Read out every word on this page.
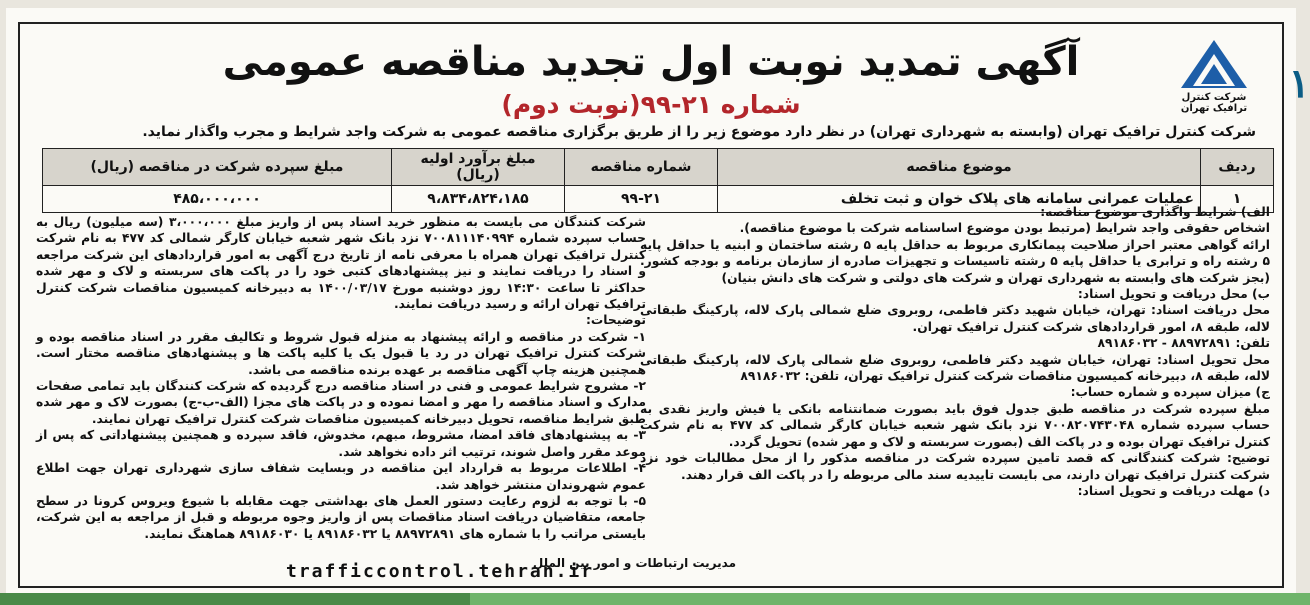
شرکت کنترل ترافیک تهران
آگهی تمدید نوبت اول تجدید مناقصه عمومی
شماره ۲۱-۹۹(نوبت دوم)
شرکت کنترل ترافیک تهران (وابسته به شهرداری تهران) در نظر دارد موضوع زیر را از طریق برگزاری مناقصه عمومی به شرکت واجد شرایط و مجرب واگذار نماید.
ردیف	موضوع مناقصه	شماره مناقصه	مبلغ برآورد اولیه (ریال)	مبلغ سپرده شرکت در مناقصه (ریال)
۱	عملیات عمرانی سامانه های پلاک خوان و ثبت تخلف	۹۹-۲۱	۹،۸۳۴،۸۲۴،۱۸۵	۴۸۵،۰۰۰،۰۰۰

الف) شرایط واگذاری موضوع مناقصه:

اشخاص حقوقی واجد شرایط (مرتبط بودن موضوع اساسنامه شرکت با موضوع مناقصه).

ارائه گواهی معتبر احراز صلاحیت پیمانکاری مربوط به حداقل پایه ۵ رشته ساختمان و ابنیه یا حداقل پایه ۵ رشته راه و ترابری یا حداقل پایه ۵ رشته تاسیسات و تجهیزات صادره از سازمان برنامه و بودجه کشور. (بجز شرکت های وابسته به شهرداری تهران و شرکت های دولتی و شرکت های دانش بنیان)

ب) محل دریافت و تحویل اسناد:

محل دریافت اسناد: تهران، خیابان شهید دکتر فاطمی، روبروی ضلع شمالی پارک لاله، پارکینگ طبقاتی لاله، طبقه ۸، امور قراردادهای شرکت کنترل ترافیک تهران.

تلفن: ۸۸۹۷۲۸۹۱ - ۸۹۱۸۶۰۳۲

محل تحویل اسناد: تهران، خیابان شهید دکتر فاطمی، روبروی ضلع شمالی پارک لاله، پارکینگ طبقاتی لاله، طبقه ۸، دبیرخانه کمیسیون مناقصات شرکت کنترل ترافیک تهران، تلفن: ۸۹۱۸۶۰۳۲

ج) میزان سپرده و شماره حساب:

مبلغ سپرده شرکت در مناقصه طبق جدول فوق باید بصورت ضمانتنامه بانکی یا فیش واریز نقدی به حساب سپرده شماره ۷۰۰۸۲۰۷۴۳۰۴۸ نزد بانک شهر شعبه خیابان کارگر شمالی کد ۴۷۷ به نام شرکت کنترل ترافیک تهران بوده و در پاکت الف (بصورت سربسته و لاک و مهر شده) تحویل گردد.

توضیح: شرکت کنندگانی که قصد تامین سپرده شرکت در مناقصه مذکور را از محل مطالبات خود نزد شرکت کنترل ترافیک تهران دارند، می بایست تاییدیه سند مالی مربوطه را در پاکت الف قرار دهند.

د) مهلت دریافت و تحویل اسناد:

شرکت کنندگان می بایست به منظور خرید اسناد پس از واریز مبلغ ۳،۰۰۰،۰۰۰ (سه میلیون) ریال به حساب سپرده شماره ۷۰۰۸۱۱۱۴۰۹۹۴ نزد بانک شهر شعبه خیابان کارگر شمالی کد ۴۷۷ به نام شرکت کنترل ترافیک تهران همراه با معرفی نامه از تاریخ درج آگهی به امور قراردادهای این شرکت مراجعه و اسناد را دریافت نمایند و نیز پیشنهادهای کتبی خود را در پاکت های سربسته و لاک و مهر شده حداکثر تا ساعت ۱۴:۳۰ روز دوشنبه مورخ ۱۴۰۰/۰۳/۱۷ به دبیرخانه کمیسیون مناقصات شرکت کنترل ترافیک تهران ارائه و رسید دریافت نمایند.

توضیحات:

۱- شرکت در مناقصه و ارائه پیشنهاد به منزله قبول شروط و تکالیف مقرر در اسناد مناقصه بوده و شرکت کنترل ترافیک تهران در رد یا قبول یک یا کلیه پاکت ها و پیشنهادهای مناقصه مختار است. همچنین هزینه چاپ آگهی مناقصه بر عهده برنده مناقصه می باشد.

۲- مشروح شرایط عمومی و فنی در اسناد مناقصه درج گردیده که شرکت کنندگان باید تمامی صفحات مدارک و اسناد مناقصه را مهر و امضا نموده و در پاکت های مجزا (الف-ب-ج) بصورت لاک و مهر شده طبق شرایط مناقصه، تحویل دبیرخانه کمیسیون مناقصات شرکت کنترل ترافیک تهران نمایند.

۳- به پیشنهادهای فاقد امضا، مشروط، مبهم، مخدوش، فاقد سپرده و همچنین پیشنهاداتی که پس از موعد مقرر واصل شوند، ترتیب اثر داده نخواهد شد.

۴- اطلاعات مربوط به قرارداد این مناقصه در وبسایت شفاف سازی شهرداری تهران جهت اطلاع عموم شهروندان منتشر خواهد شد.

۵- با توجه به لزوم رعایت دستور العمل های بهداشتی جهت مقابله با شیوع ویروس کرونا در سطح جامعه، متقاضیان دریافت اسناد مناقصات پس از واریز وجوه مربوطه و قبل از مراجعه به این شرکت، بایستی مراتب را با شماره های ۸۸۹۷۲۸۹۱ یا ۸۹۱۸۶۰۳۲ یا ۸۹۱۸۶۰۳۰ هماهنگ نمایند.

مدیریت ارتباطات و امور بین الملل
trafficcontrol.tehran.ir
۱
